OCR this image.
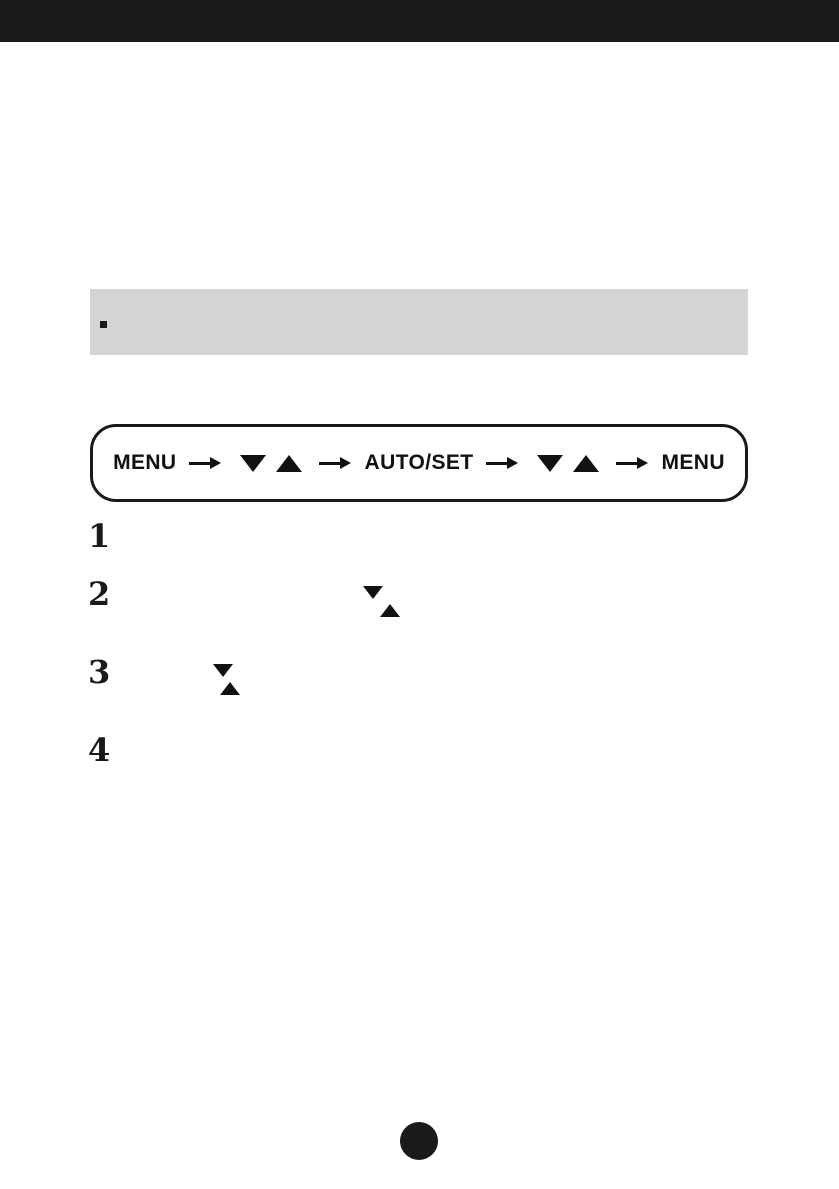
MENU	AUTO/SET	MENU
1
2

3

4
